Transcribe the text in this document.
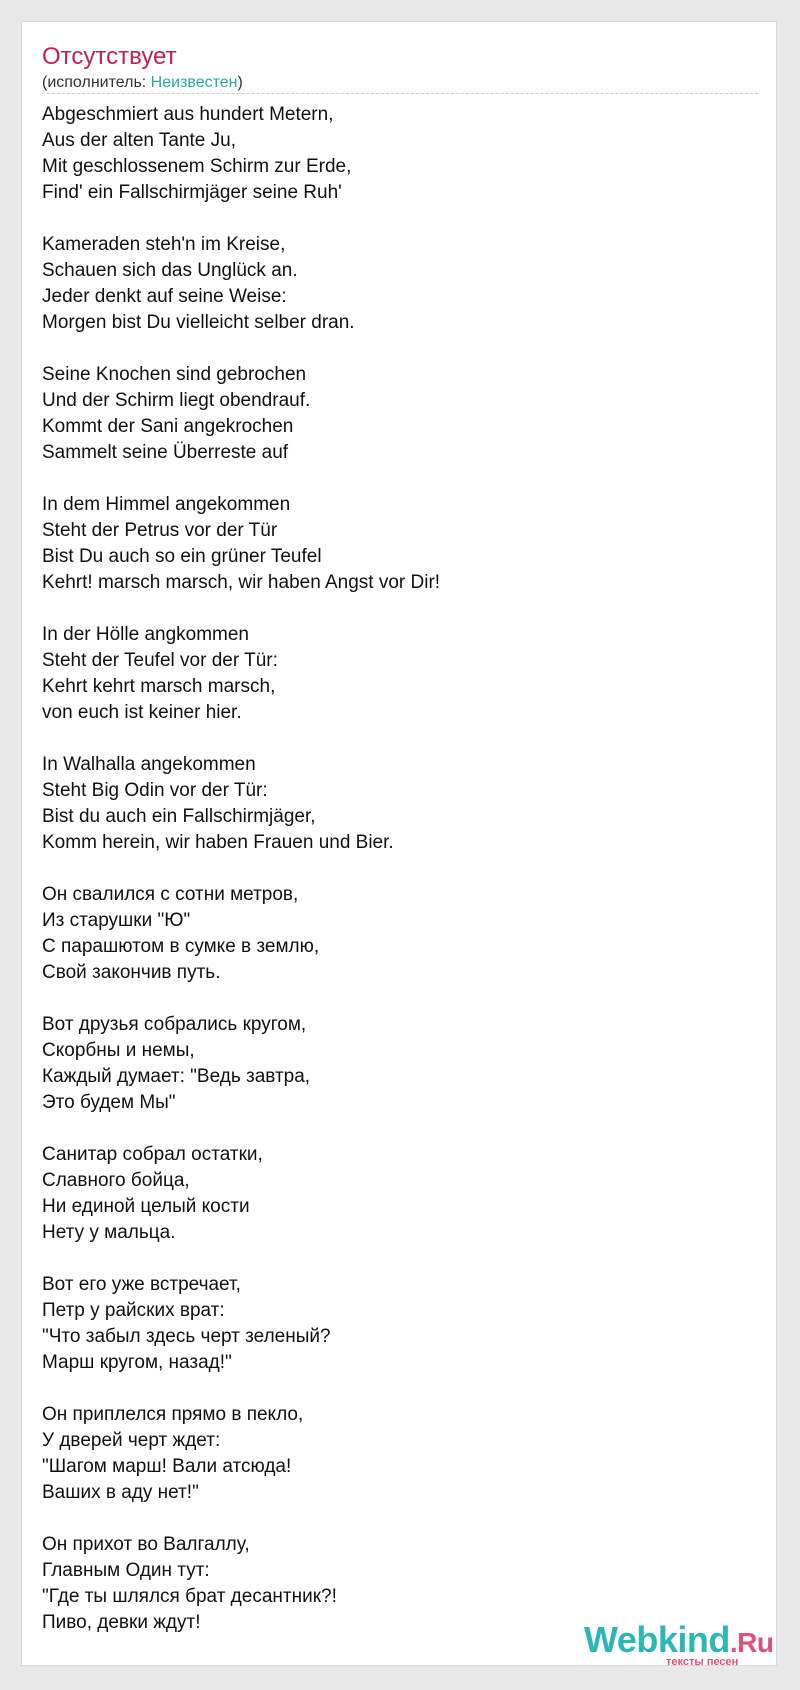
Отсутствует
(исполнитель: Неизвестен)
Abgeschmiert aus hundert Metern,
Aus der alten Tante Ju,
Mit geschlossenem Schirm zur Erde,
Find' ein Fallschirmjäger seine Ruh'
Kameraden steh'n im Kreise,
Schauen sich das Unglück an.
Jeder denkt auf seine Weise:
Morgen bist Du vielleicht selber dran.
Seine Knochen sind gebrochen
Und der Schirm liegt obendrauf.
Kommt der Sani angekrochen
Sammelt seine Überreste auf
In dem Himmel angekommen
Steht der Petrus vor der Tür
Bist Du auch so ein grüner Teufel
Kehrt! marsch marsch, wir haben Angst vor Dir!
In der Hölle angkommen
Steht der Teufel vor der Tür:
Kehrt kehrt marsch marsch,
von euch ist keiner hier.
In Walhalla angekommen
Steht Big Odin vor der Tür:
Bist du auch ein Fallschirmjäger,
Komm herein, wir haben Frauen und Bier.
Он свалился с сотни метров,
Из старушки "Ю"
С парашютом в сумке в землю,
Свой закончив путь.
Вот друзья собрались кругом,
Скорбны и немы,
Каждый думает: "Ведь завтра,
Это будем Мы"
Санитар собрал остатки,
Славного бойца,
Ни единой целый кости
Нету у мальца.
Вот его уже встречает,
Петр у райских врат:
"Что забыл здесь черт зеленый?
Марш кругом, назад!"
Он приплелся прямо в пекло,
У дверей черт ждет:
"Шагом марш! Вали атсюда!
Ваших в аду нет!"
Он прихот во Валгаллу,
Главным Один тут:
"Где ты шлялся брат десантник?!
Пиво, девки ждут!	Webkind.Ru
тексты песен
